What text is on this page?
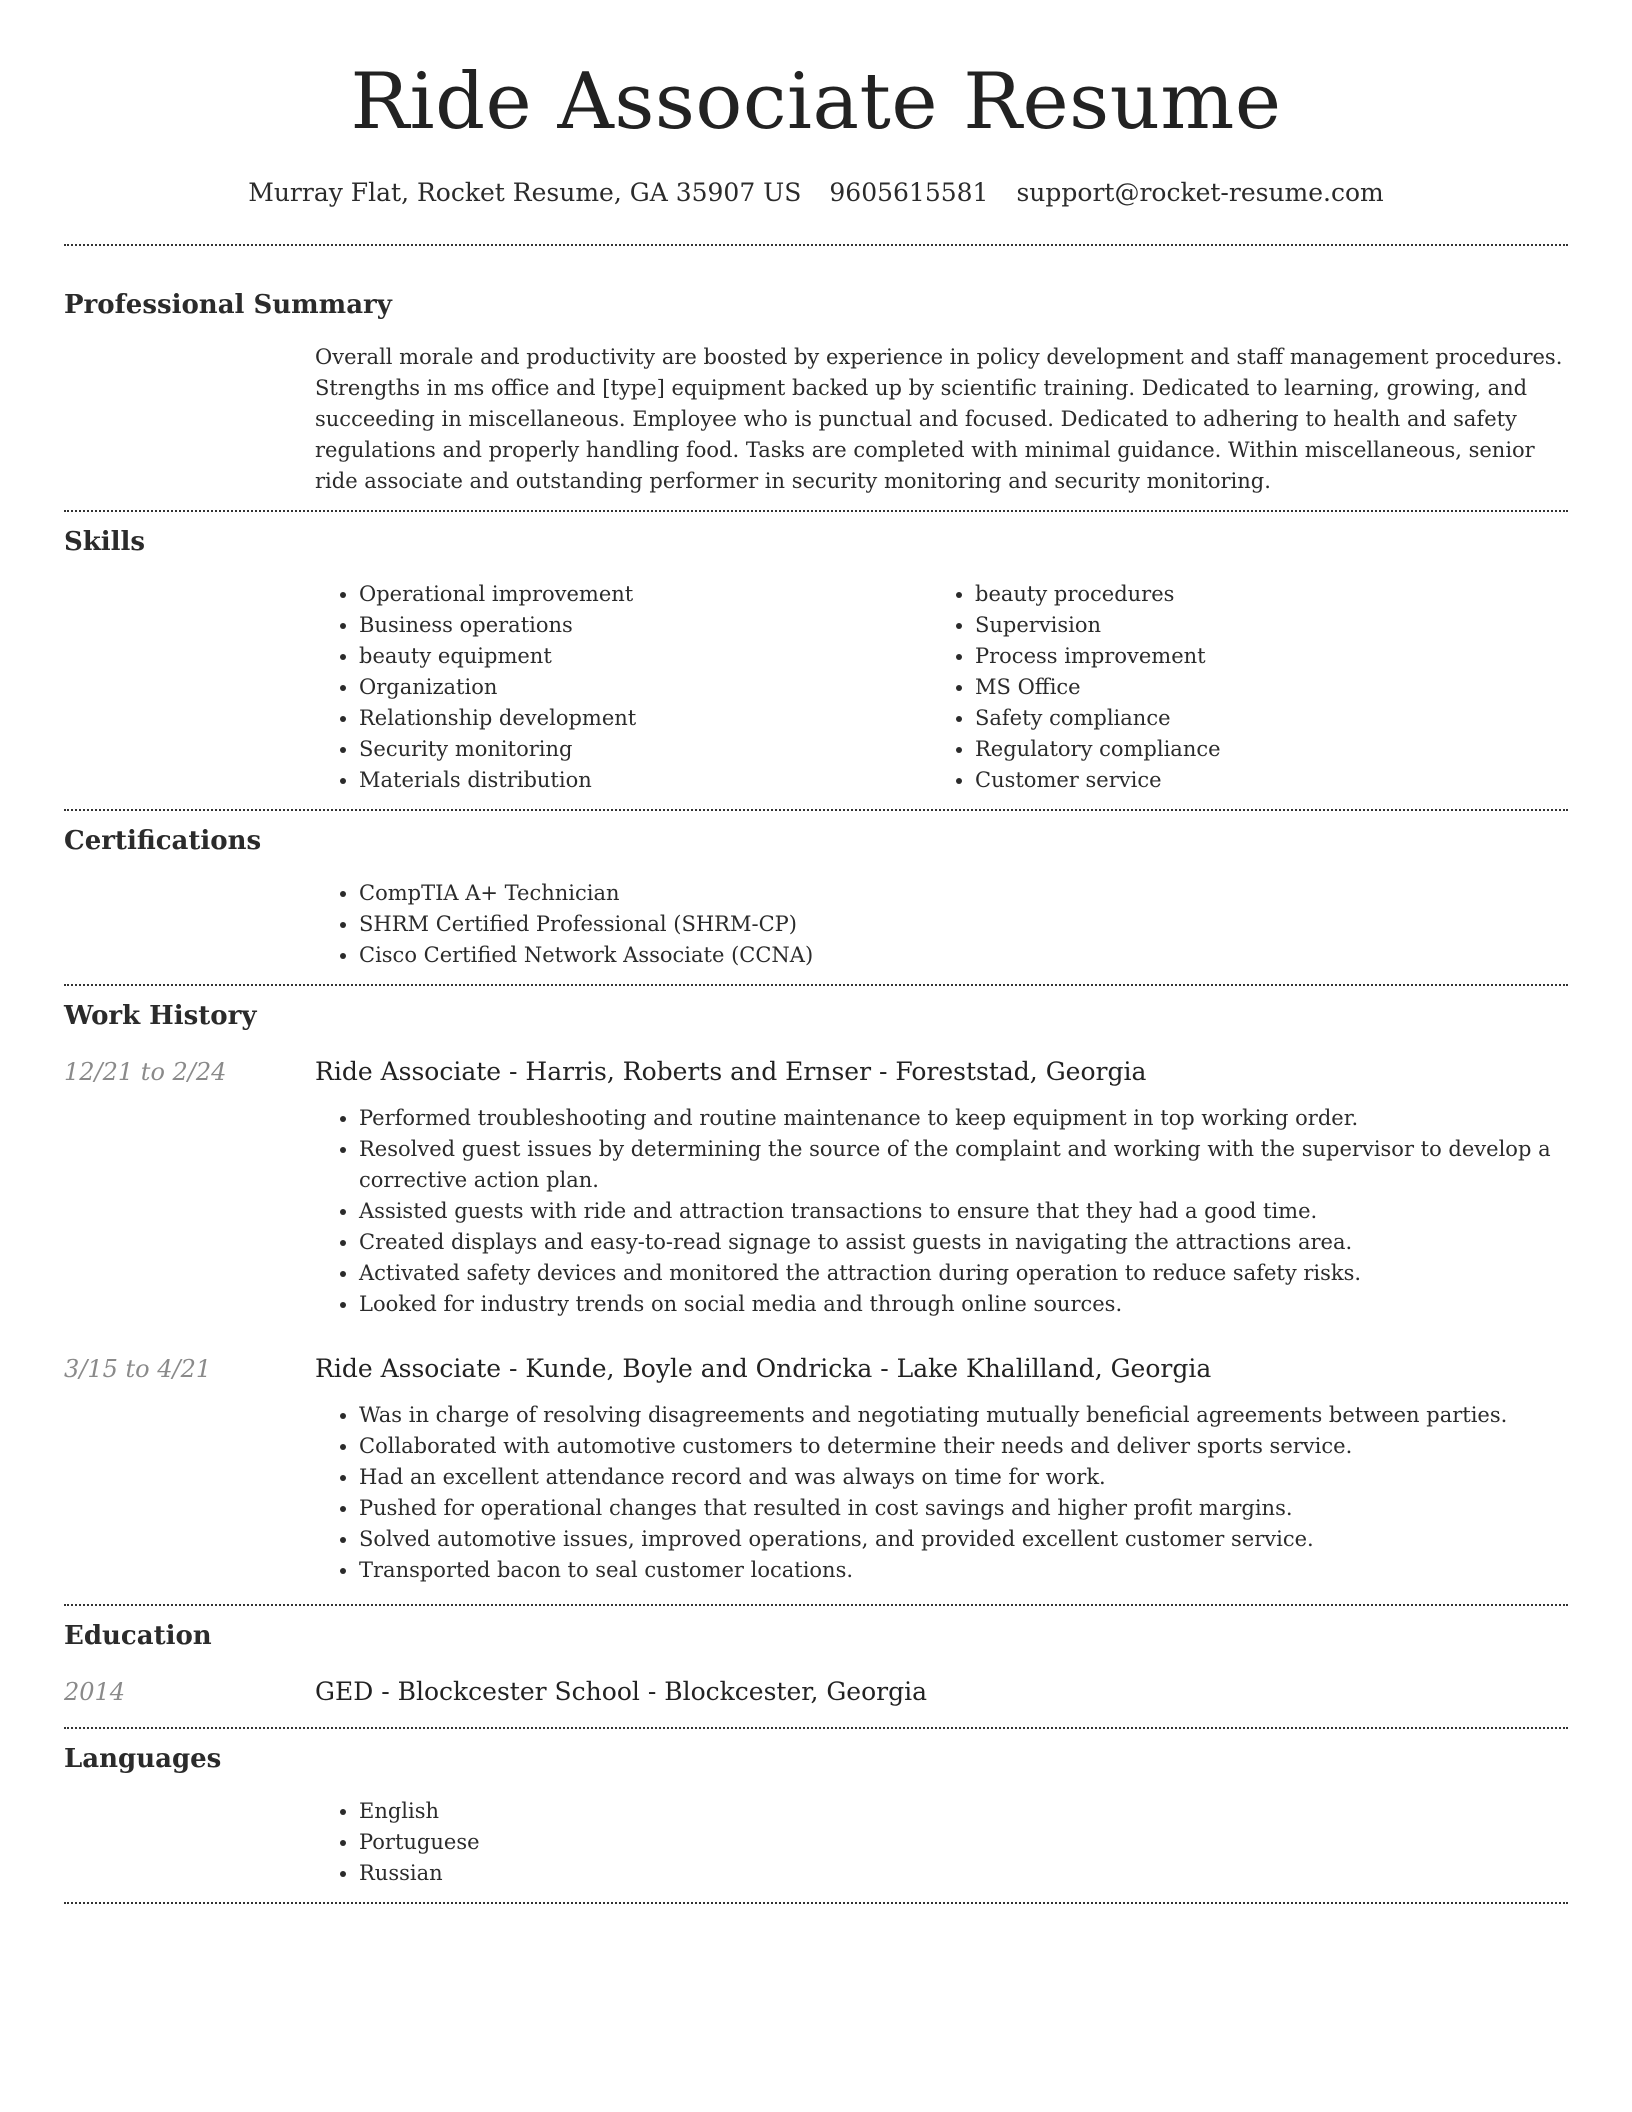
Ride Associate Resume
Murray Flat, Rocket Resume, GA 35907 US 9605615581 support@rocket-resume.com
Professional Summary
Overall morale and productivity are boosted by experience in policy development and staff management procedures. Strengths in ms office and [type] equipment backed up by scientific training. Dedicated to learning, growing, and succeeding in miscellaneous. Employee who is punctual and focused. Dedicated to adhering to health and safety regulations and properly handling food. Tasks are completed with minimal guidance. Within miscellaneous, senior ride associate and outstanding performer in security monitoring and security monitoring.
Skills
• Operational improvement
• Business operations
• beauty equipment
• Organization
• Relationship development
• Security monitoring
• Materials distribution
• beauty procedures
• Supervision
• Process improvement
• MS Office
• Safety compliance
• Regulatory compliance
• Customer service
Certifications
• CompTIA A+ Technician
• SHRM Certified Professional (SHRM-CP)
• Cisco Certified Network Associate (CCNA)
Work History
12/21 to 2/24	Ride Associate - Harris, Roberts and Ernser - Foreststad, Georgia
• Performed troubleshooting and routine maintenance to keep equipment in top working order.
• Resolved guest issues by determining the source of the complaint and working with the supervisor to develop a corrective action plan.
• Assisted guests with ride and attraction transactions to ensure that they had a good time.
• Created displays and easy-to-read signage to assist guests in navigating the attractions area.
• Activated safety devices and monitored the attraction during operation to reduce safety risks.
• Looked for industry trends on social media and through online sources.
3/15 to 4/21	Ride Associate - Kunde, Boyle and Ondricka - Lake Khalilland, Georgia
• Was in charge of resolving disagreements and negotiating mutually beneficial agreements between parties.
• Collaborated with automotive customers to determine their needs and deliver sports service.
• Had an excellent attendance record and was always on time for work.
• Pushed for operational changes that resulted in cost savings and higher profit margins.
• Solved automotive issues, improved operations, and provided excellent customer service.
• Transported bacon to seal customer locations.
Education
2014	GED - Blockcester School - Blockcester, Georgia
Languages
• English
• Portuguese
• Russian
